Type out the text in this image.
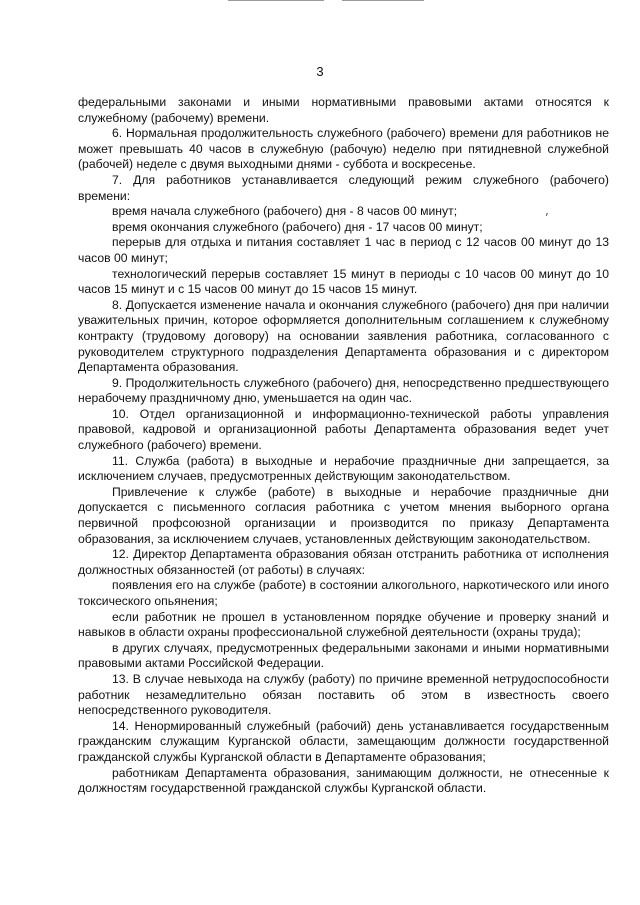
3
׳

федеральными законами и иными нормативными правовыми актами относятся к служебному (рабочему) времени.

6. Нормальная продолжительность служебного (рабочего) времени для работников не может превышать 40 часов в служебную (рабочую) неделю при пятидневной служебной (рабочей) неделе с двумя выходными днями - суббота и воскресенье.

7. Для работников устанавливается следующий режим служебного (рабочего) времени:

время начала служебного (рабочего) дня - 8 часов 00 минут;

время окончания служебного (рабочего) дня - 17 часов 00 минут;

перерыв для отдыха и питания составляет 1 час в период с 12 часов 00 минут до 13 часов 00 минут;

технологический перерыв составляет 15 минут в периоды с 10 часов 00 минут до 10 часов 15 минут и с 15 часов 00 минут до 15 часов 15 минут.

8. Допускается изменение начала и окончания служебного (рабочего) дня при наличии уважительных причин, которое оформляется дополнительным соглашением к служебному контракту (трудовому договору) на основании заявления работника, согласованного с руководителем структурного подразделения Департамента образования и с директором Департамента образования.

9. Продолжительность служебного (рабочего) дня, непосредственно предшествующего нерабочему праздничному дню, уменьшается на один час.

10. Отдел организационной и информационно-технической работы управления правовой, кадровой и организационной работы Департамента образования ведет учет служебного (рабочего) времени.

11. Служба (работа) в выходные и нерабочие праздничные дни запрещается, за исключением случаев, предусмотренных действующим законодательством.

Привлечение к службе (работе) в выходные и нерабочие праздничные дни допускается с письменного согласия работника с учетом мнения выборного органа первичной профсоюзной организации и производится по приказу Департамента образования, за исключением случаев, установленных действующим законодательством.

12. Директор Департамента образования обязан отстранить работника от исполнения должностных обязанностей (от работы) в случаях:

появления его на службе (работе) в состоянии алкогольного, наркотического или иного токсического опьянения;

если работник не прошел в установленном порядке обучение и проверку знаний и навыков в области охраны профессиональной служебной деятельности (охраны труда);

в других случаях, предусмотренных федеральными законами и иными нормативными правовыми актами Российской Федерации.

13. В случае невыхода на службу (работу) по причине временной нетрудоспособности работник незамедлительно обязан поставить об этом в известность своего непосредственного руководителя.

14. Ненормированный служебный (рабочий) день устанавливается государственным гражданским служащим Курганской области, замещающим должности государственной гражданской службы Курганской области в Департаменте образования;

работникам Департамента образования, занимающим должности, не отнесенные к должностям государственной гражданской службы Курганской области.
